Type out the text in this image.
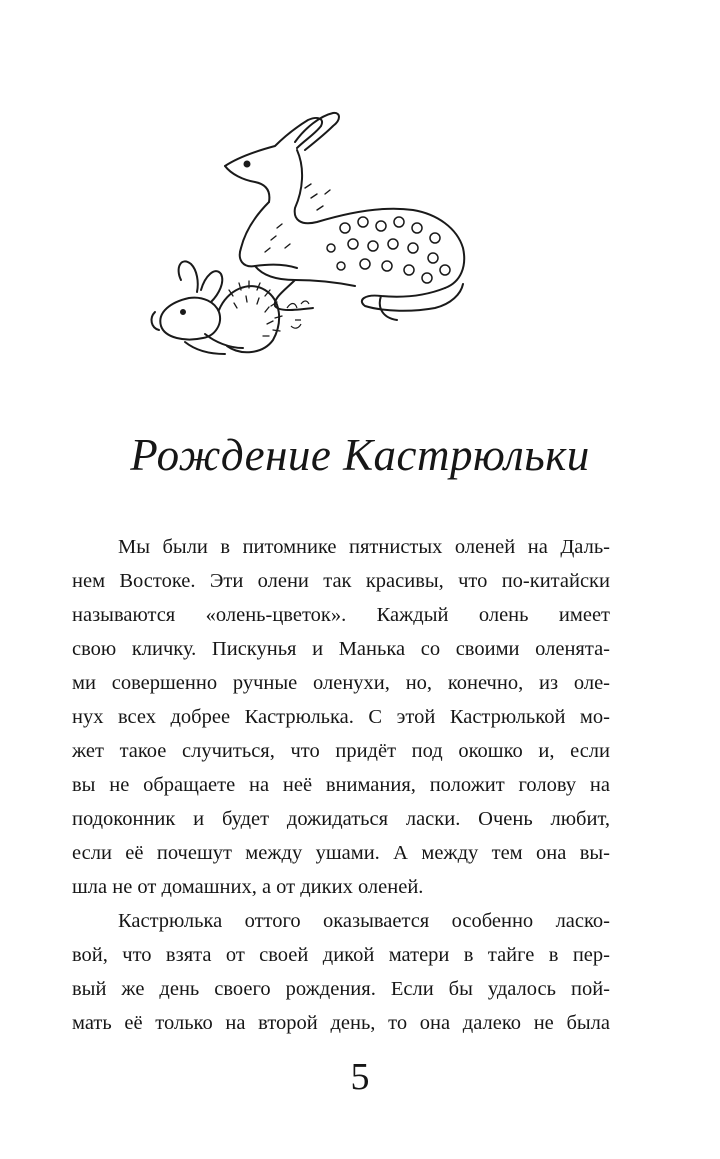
Рождение Кастрюльки
Мы были в питомнике пятнистых оленей на Даль-
нем Востоке. Эти олени так красивы, что по-китайски
называются «олень-цветок». Каждый олень имеет
свою кличку. Пискунья и Манька со своими оленята-
ми совершенно ручные оленухи, но, конечно, из оле-
нух всех добрее Кастрюлька. С этой Кастрюлькой мо-
жет такое случиться, что придёт под окошко и, если
вы не обращаете на неё внимания, положит голову на
подоконник и будет дожидаться ласки. Очень любит,
если её почешут между ушами. А между тем она вы-
шла не от домашних, а от диких оленей.
Кастрюлька оттого оказывается особенно ласко-
вой, что взята от своей дикой матери в тайге в пер-
вый же день своего рождения. Если бы удалось пой-
мать её только на второй день, то она далеко не была
5
